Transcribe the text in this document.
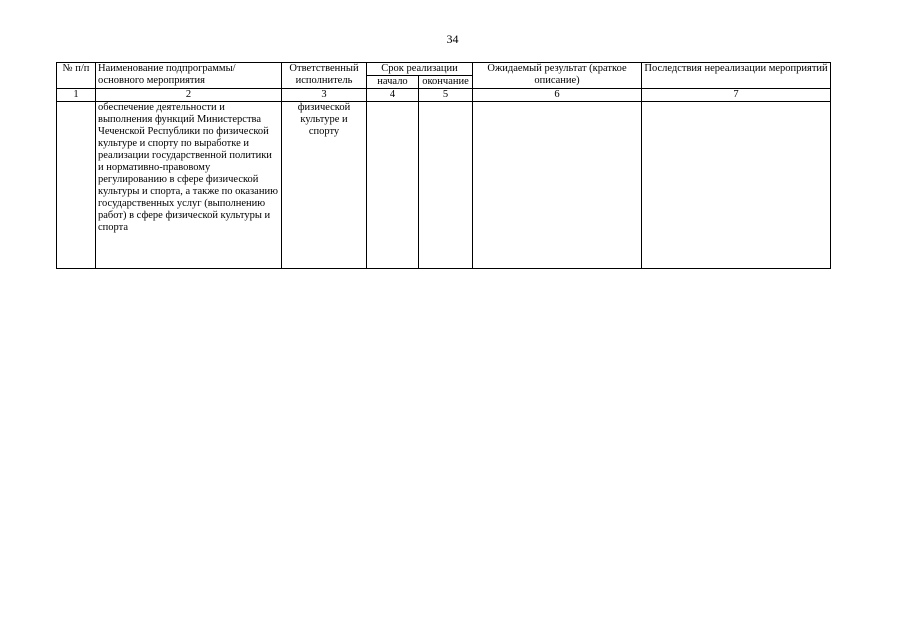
34
№ п/п	Наименование подпрограммы/ основного мероприятия	Ответственный исполнитель	Срок реализации		Ожидаемый результат (краткое описание)	Последствия нереализации мероприятий
			начало	окончание		
1	2	3	4	5	6	7
	обеспечение деятельности и выполнения функций Министерства Чеченской Республики по физической культуре и спорту по выработке и реализации государственной политики и нормативно-правовому регулированию в сфере физической культуры и спорта, а также по оказанию государственных услуг (выполнению работ) в сфере физической культуры и спорта	физической культуре и спорту				
